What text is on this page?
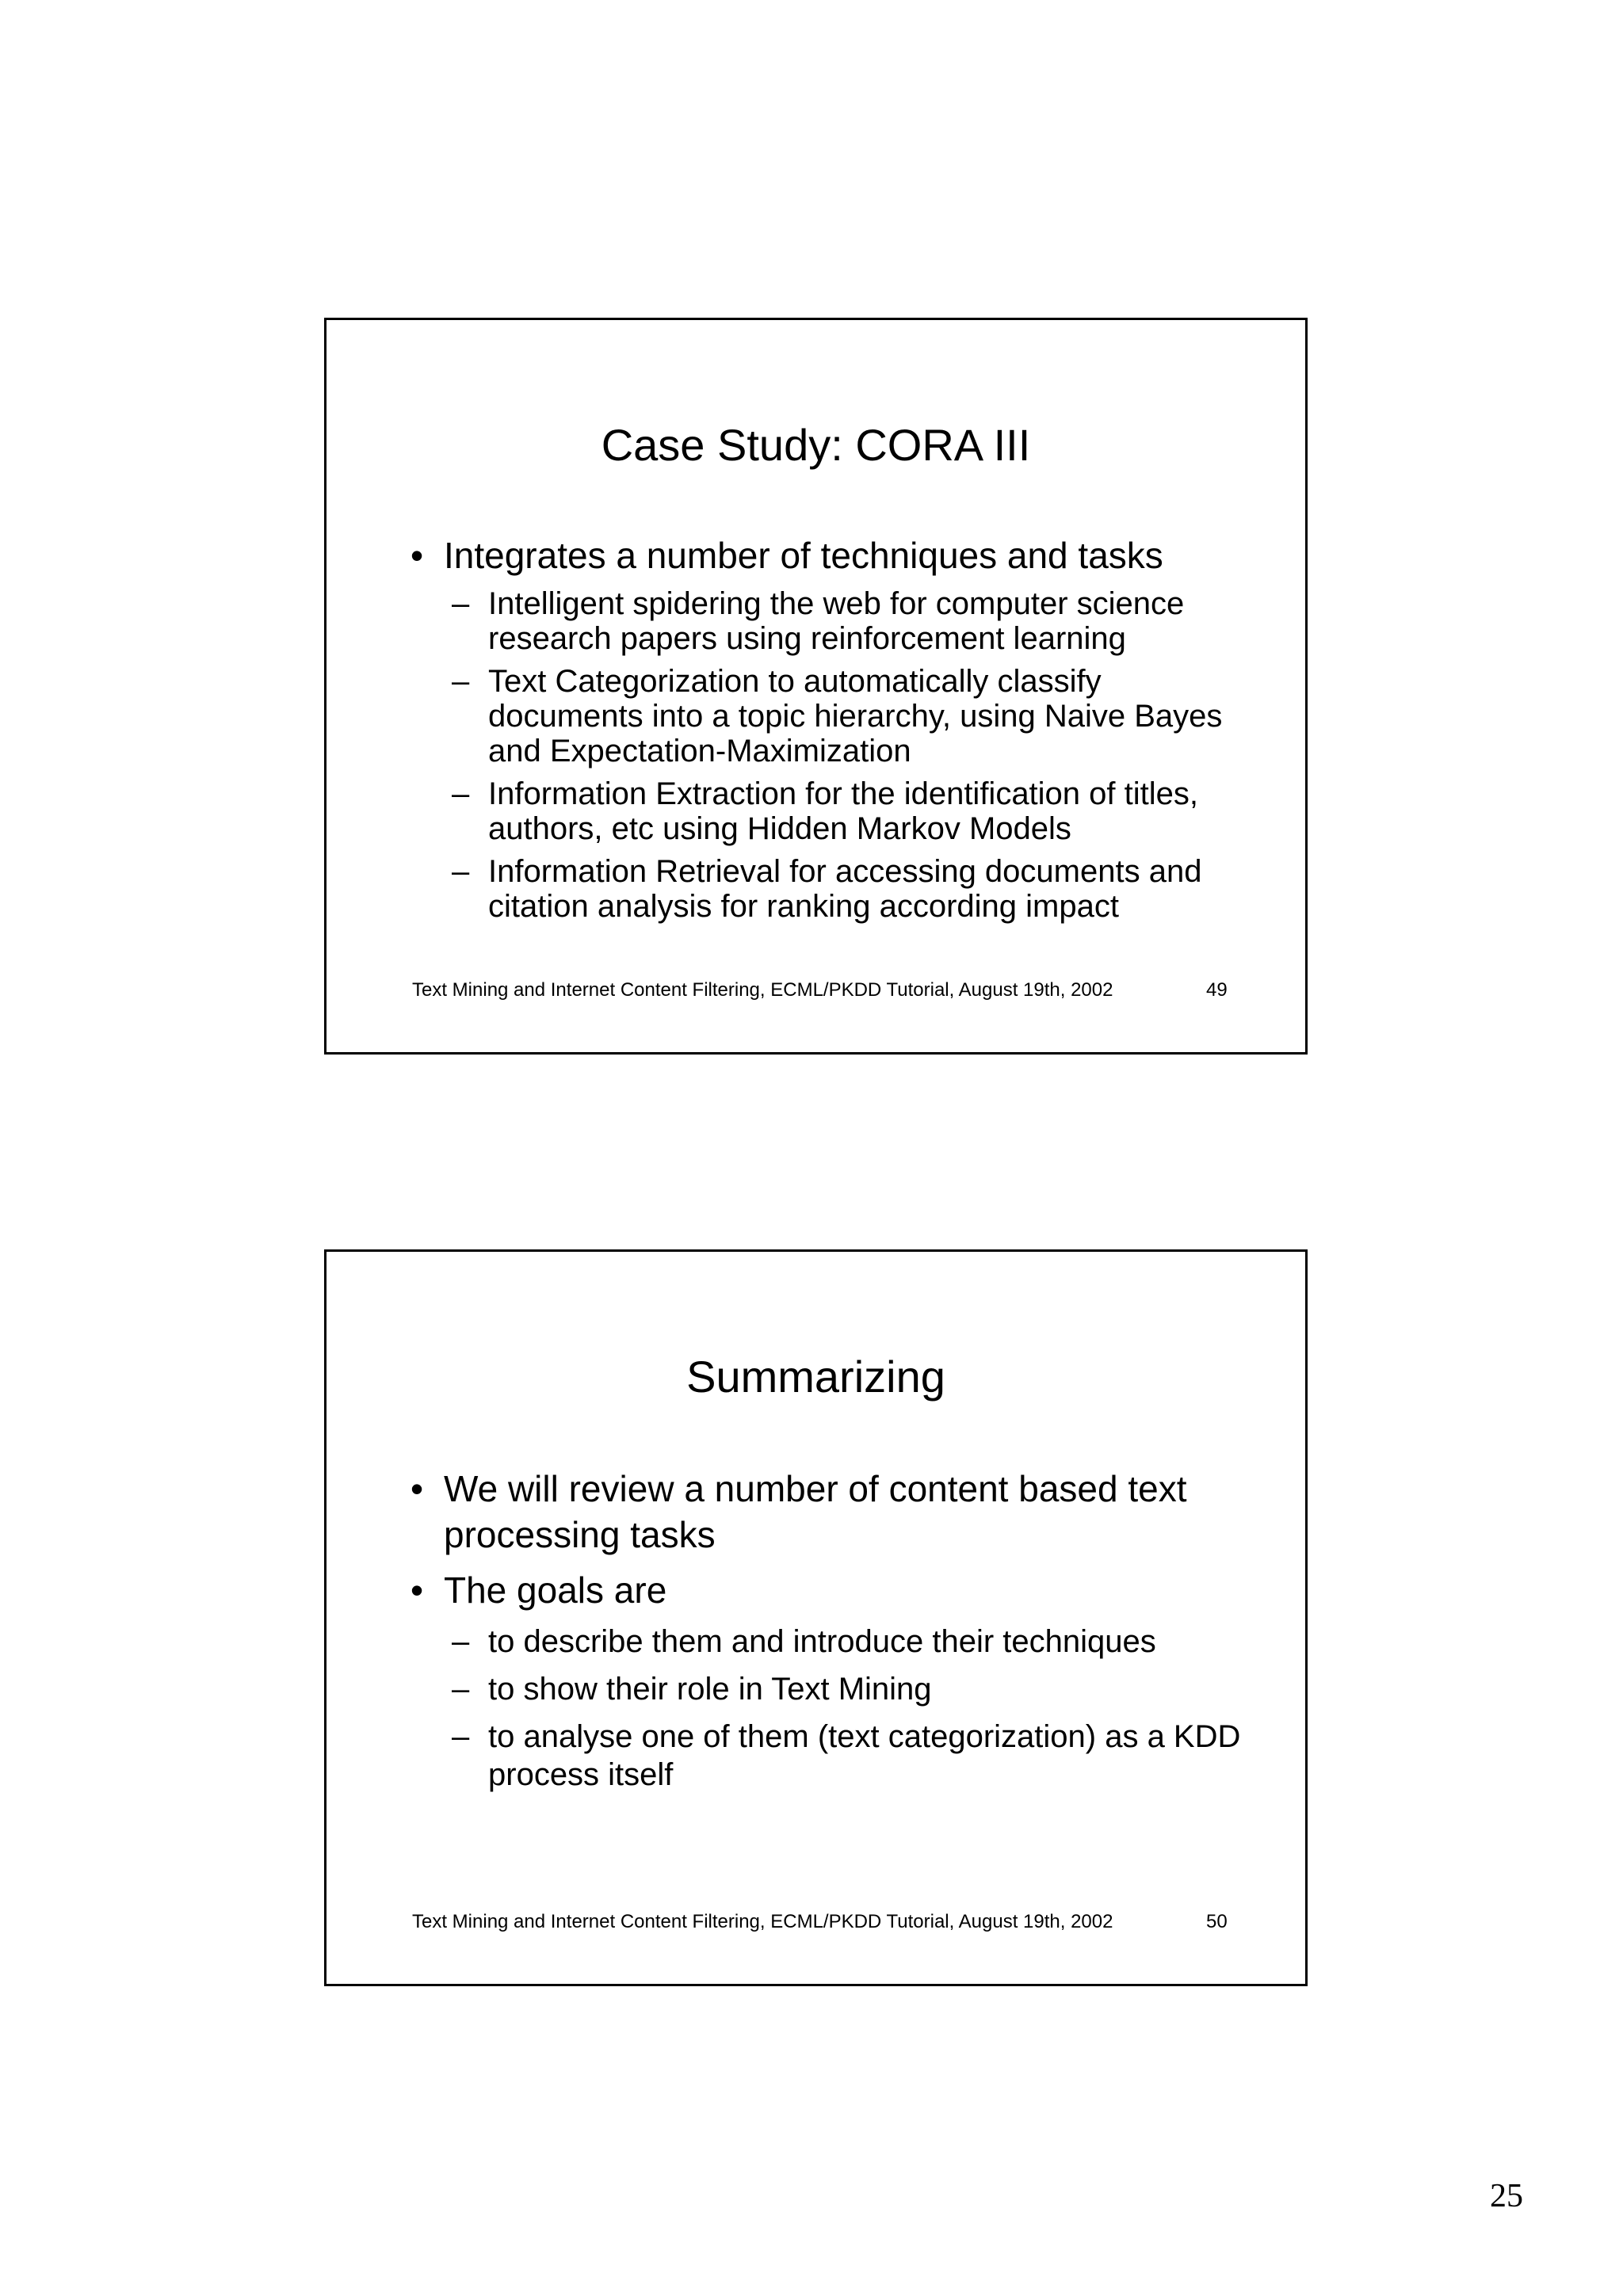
Case Study: CORA III
• Integrates a number of techniques and tasks
– Intelligent spidering the web for computer science research papers using reinforcement learning
– Text Categorization to automatically classify documents into a topic hierarchy, using Naive Bayes and Expectation-Maximization
– Information Extraction for the identification of titles, authors, etc using Hidden Markov Models
– Information Retrieval for accessing documents and citation analysis for ranking according impact
Text Mining and Internet Content Filtering, ECML/PKDD Tutorial, August 19th, 2002	49
Summarizing
• We will review a number of content based text processing tasks
• The goals are
– to describe them and introduce their techniques
– to show their role in Text Mining
– to analyse one of them (text categorization) as a KDD process itself
Text Mining and Internet Content Filtering, ECML/PKDD Tutorial, August 19th, 2002	50
25
